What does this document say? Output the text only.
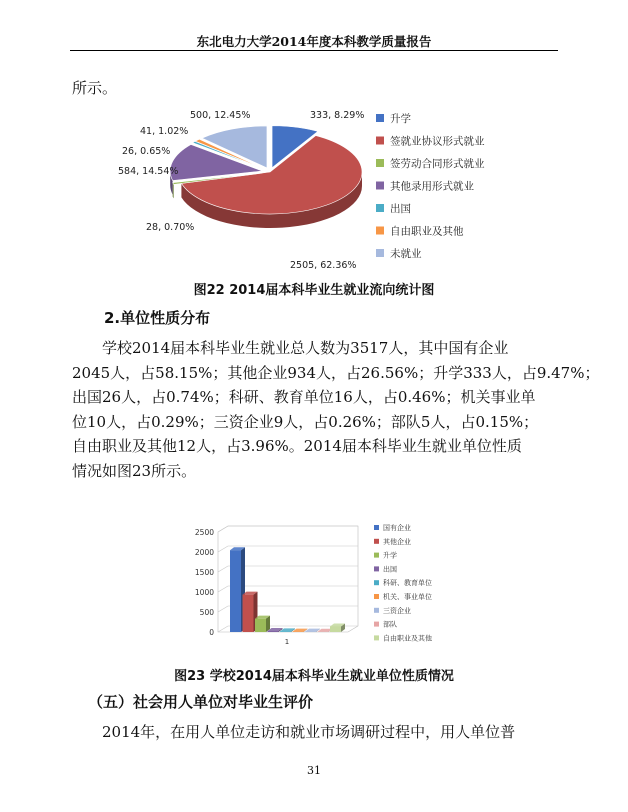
东北电力大学2014年度本科教学质量报告
所示。
333, 8.29%
2505, 62.36%
28, 0.70%
584, 14.54%
26, 0.65%
41, 1.02%
500, 12.45%	升学
签就业协议形式就业
签劳动合同形式就业
其他录用形式就业
出国
自由职业及其他
未就业
图22 2014届本科毕业生就业流向统计图
2.单位性质分布
学校2014届本科毕业生就业总人数为3517人，其中国有企业
2045人，占58.15%；其他企业934人，占26.56%；升学333人，占9.47%；
出国26人，占0.74%；科研、教育单位16人，占0.46%；机关事业单
位10人，占0.29%；三资企业9人，占0.26%；部队5人，占0.15%；
自由职业及其他12人，占3.96%。2014届本科毕业生就业单位性质
情况如图23所示。
0
500
1000
1500
2000
2500
1
国有企业
其他企业
升学
出国
科研、教育单位
机关、事业单位
三资企业
部队
自由职业及其他
图23 学校2014届本科毕业生就业单位性质情况
（五）社会用人单位对毕业生评价
2014年，在用人单位走访和就业市场调研过程中，用人单位普
31
